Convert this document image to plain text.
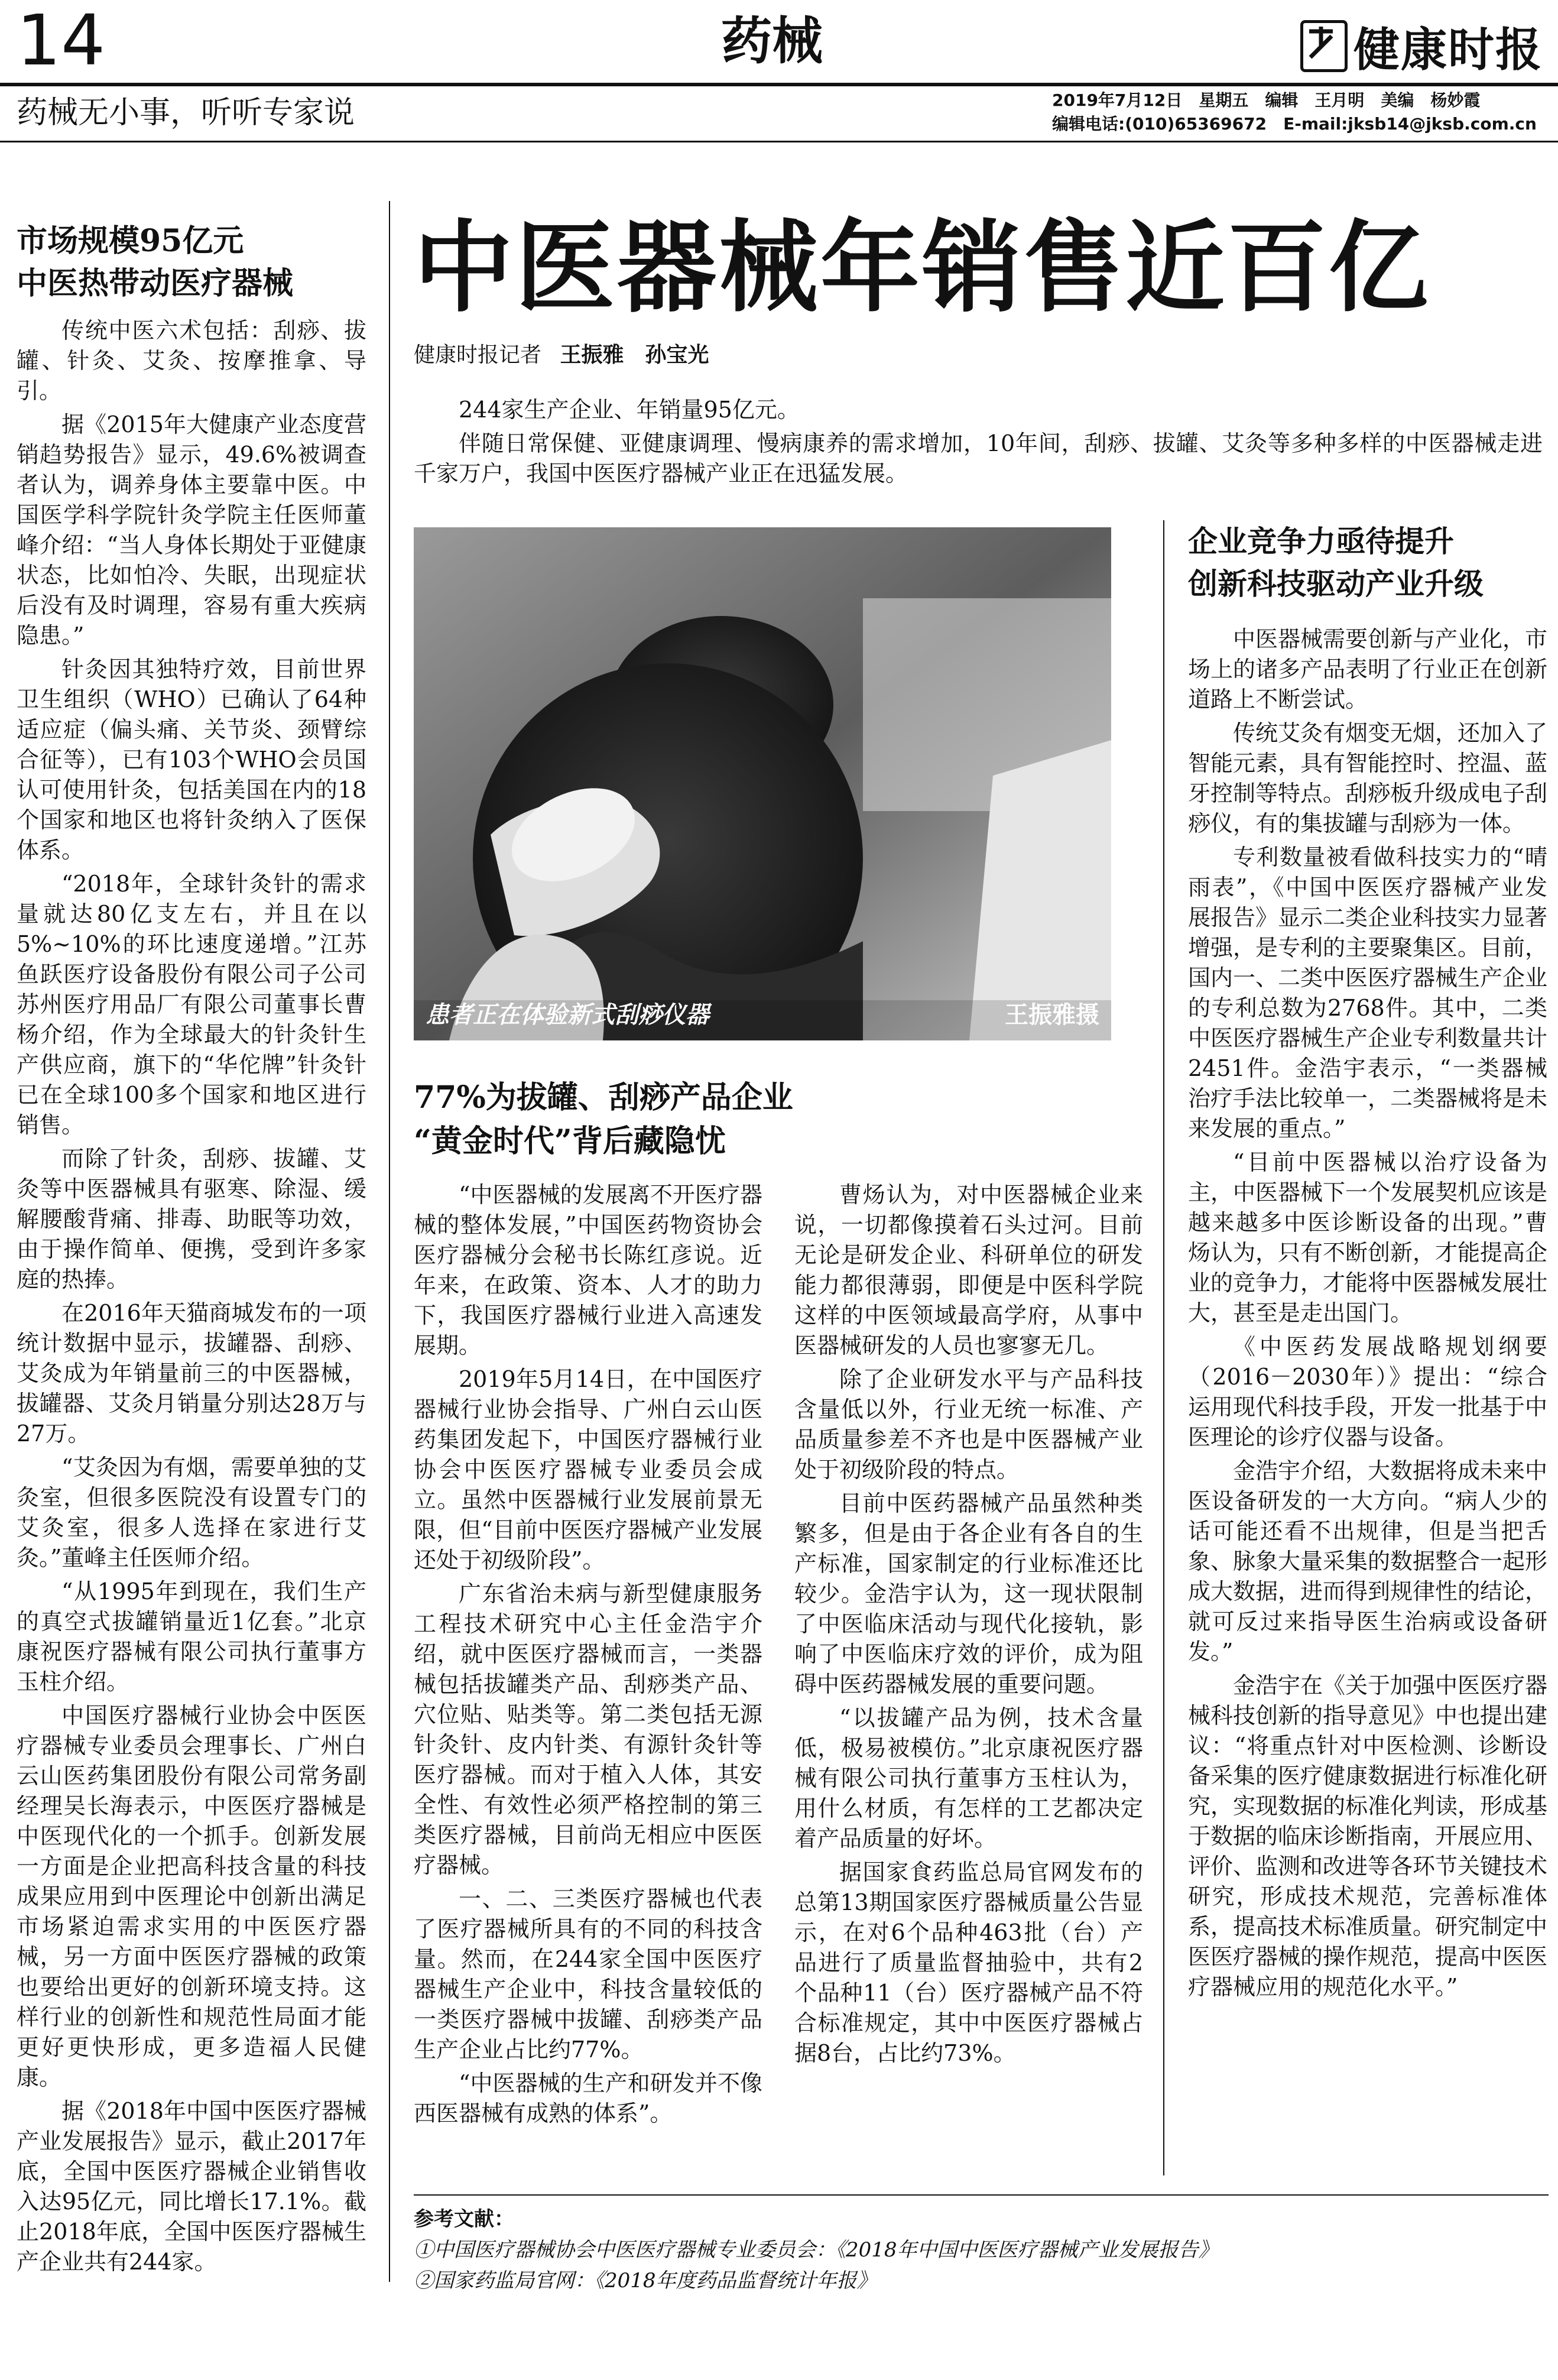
14	药械	健康时报
药械无小事，听听专家说	2019年7月12日　星期五　编辑　王月明　美编　杨妙霞
编辑电话:(010)65369672　E-mail:jksb14@jksb.com.cn
市场规模95亿元
中医热带动医疗器械

传统中医六术包括：刮痧、拔罐、针灸、艾灸、按摩推拿、导引。

据《2015年大健康产业态度营销趋势报告》显示，49.6%被调查者认为，调养身体主要靠中医。中国医学科学院针灸学院主任医师董峰介绍：“当人身体长期处于亚健康状态，比如怕冷、失眠，出现症状后没有及时调理，容易有重大疾病隐患。”

针灸因其独特疗效，目前世界卫生组织（WHO）已确认了64种适应症（偏头痛、关节炎、颈臂综合征等），已有103个WHO会员国认可使用针灸，包括美国在内的18个国家和地区也将针灸纳入了医保体系。

“2018年，全球针灸针的需求量就达80亿支左右，并且在以5%~10%的环比速度递增。”江苏鱼跃医疗设备股份有限公司子公司苏州医疗用品厂有限公司董事长曹杨介绍，作为全球最大的针灸针生产供应商，旗下的“华佗牌”针灸针已在全球100多个国家和地区进行销售。

而除了针灸，刮痧、拔罐、艾灸等中医器械具有驱寒、除湿、缓解腰酸背痛、排毒、助眠等功效，由于操作简单、便携，受到许多家庭的热捧。

在2016年天猫商城发布的一项统计数据中显示，拔罐器、刮痧、艾灸成为年销量前三的中医器械，拔罐器、艾灸月销量分别达28万与27万。

“艾灸因为有烟，需要单独的艾灸室，但很多医院没有设置专门的艾灸室，很多人选择在家进行艾灸。”董峰主任医师介绍。

“从1995年到现在，我们生产的真空式拔罐销量近1亿套。”北京康祝医疗器械有限公司执行董事方玉柱介绍。

中国医疗器械行业协会中医医疗器械专业委员会理事长、广州白云山医药集团股份有限公司常务副经理吴长海表示，中医医疗器械是中医现代化的一个抓手。创新发展一方面是企业把高科技含量的科技成果应用到中医理论中创新出满足市场紧迫需求实用的中医医疗器械，另一方面中医医疗器械的政策也要给出更好的创新环境支持。这样行业的创新性和规范性局面才能更好更快形成，更多造福人民健康。

据《2018年中国中医医疗器械产业发展报告》显示，截止2017年底，全国中医医疗器械企业销售收入达95亿元，同比增长17.1%。截止2018年底，全国中医医疗器械生产企业共有244家。

中医器械年销售近百亿
健康时报记者 王振雅　孙宝光

244家生产企业、年销量95亿元。

伴随日常保健、亚健康调理、慢病康养的需求增加，10年间，刮痧、拔罐、艾灸等多种多样的中医器械走进千家万户，我国中医医疗器械产业正在迅猛发展。

患者正在体验新式刮痧仪器	王振雅摄
企业竞争力亟待提升
创新科技驱动产业升级

中医器械需要创新与产业化，市场上的诸多产品表明了行业正在创新道路上不断尝试。

传统艾灸有烟变无烟，还加入了智能元素，具有智能控时、控温、蓝牙控制等特点。刮痧板升级成电子刮痧仪，有的集拔罐与刮痧为一体。

专利数量被看做科技实力的“晴雨表”，《中国中医医疗器械产业发展报告》显示二类企业科技实力显著增强，是专利的主要聚集区。目前，国内一、二类中医医疗器械生产企业的专利总数为2768件。其中，二类中医医疗器械生产企业专利数量共计2451件。金浩宇表示，“一类器械治疗手法比较单一，二类器械将是未来发展的重点。”

“目前中医器械以治疗设备为主，中医器械下一个发展契机应该是越来越多中医诊断设备的出现。”曹炀认为，只有不断创新，才能提高企业的竞争力，才能将中医器械发展壮大，甚至是走出国门。

《中医药发展战略规划纲要（2016－2030年）》提出：“综合运用现代科技手段，开发一批基于中医理论的诊疗仪器与设备。

金浩宇介绍，大数据将成未来中医设备研发的一大方向。“病人少的话可能还看不出规律，但是当把舌象、脉象大量采集的数据整合一起形成大数据，进而得到规律性的结论，就可反过来指导医生治病或设备研发。”

金浩宇在《关于加强中医医疗器械科技创新的指导意见》中也提出建议：“将重点针对中医检测、诊断设备采集的医疗健康数据进行标准化研究，实现数据的标准化判读，形成基于数据的临床诊断指南，开展应用、评价、监测和改进等各环节关键技术研究，形成技术规范，完善标准体系，提高技术标准质量。研究制定中医医疗器械的操作规范，提高中医医疗器械应用的规范化水平。”

77%为拔罐、刮痧产品企业
“黄金时代”背后藏隐忧

“中医器械的发展离不开医疗器械的整体发展，”中国医药物资协会医疗器械分会秘书长陈红彦说。近年来，在政策、资本、人才的助力下，我国医疗器械行业进入高速发展期。

2019年5月14日，在中国医疗器械行业协会指导、广州白云山医药集团发起下，中国医疗器械行业协会中医医疗器械专业委员会成立。虽然中医器械行业发展前景无限，但“目前中医医疗器械产业发展还处于初级阶段”。

广东省治未病与新型健康服务工程技术研究中心主任金浩宇介绍，就中医医疗器械而言，一类器械包括拔罐类产品、刮痧类产品、穴位贴、贴类等。第二类包括无源针灸针、皮内针类、有源针灸针等医疗器械。而对于植入人体，其安全性、有效性必须严格控制的第三类医疗器械，目前尚无相应中医医疗器械。

一、二、三类医疗器械也代表了医疗器械所具有的不同的科技含量。然而，在244家全国中医医疗器械生产企业中，科技含量较低的一类医疗器械中拔罐、刮痧类产品生产企业占比约77%。

“中医器械的生产和研发并不像西医器械有成熟的体系”。

曹炀认为，对中医器械企业来说，一切都像摸着石头过河。目前无论是研发企业、科研单位的研发能力都很薄弱，即便是中医科学院这样的中医领域最高学府，从事中医器械研发的人员也寥寥无几。

除了企业研发水平与产品科技含量低以外，行业无统一标准、产品质量参差不齐也是中医器械产业处于初级阶段的特点。

目前中医药器械产品虽然种类繁多，但是由于各企业有各自的生产标准，国家制定的行业标准还比较少。金浩宇认为，这一现状限制了中医临床活动与现代化接轨，影响了中医临床疗效的评价，成为阻碍中医药器械发展的重要问题。

“以拔罐产品为例，技术含量低，极易被模仿。”北京康祝医疗器械有限公司执行董事方玉柱认为，用什么材质，有怎样的工艺都决定着产品质量的好坏。

据国家食药监总局官网发布的总第13期国家医疗器械质量公告显示，在对6个品种463批（台）产品进行了质量监督抽验中，共有2个品种11（台）医疗器械产品不符合标准规定，其中中医医疗器械占据8台，占比约73%。

参考文献：
①中国医疗器械协会中医医疗器械专业委员会：《2018年中国中医医疗器械产业发展报告》
②国家药监局官网：《2018年度药品监督统计年报》
